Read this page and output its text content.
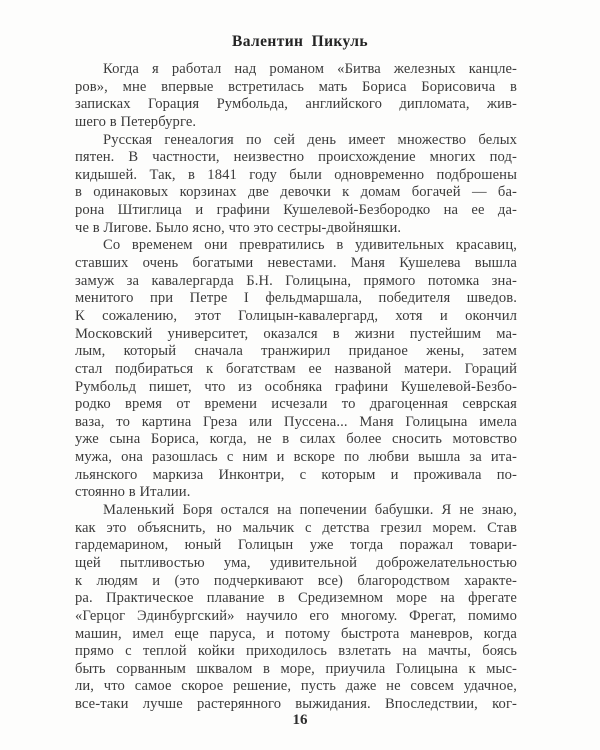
Валентин Пикуль

Когда я работал над романом «Битва железных канцле-
ров», мне впервые встретилась мать Бориса Борисовича в
записках Горация Румбольда, английского дипломата, жив-
шего в Петербурге.

Русская генеалогия по сей день имеет множество белых
пятен. В частности, неизвестно происхождение многих под-
кидышей. Так, в 1841 году были одновременно подброшены
в одинаковых корзинах две девочки к домам богачей — ба-
рона Штиглица и графини Кушелевой-Безбородко на ее да-
че в Лигове. Было ясно, что это сестры-двойняшки.

Со временем они превратились в удивительных красавиц,
ставших очень богатыми невестами. Маня Кушелева вышла
замуж за кавалергарда Б.Н. Голицына, прямого потомка зна-
менитого при Петре I фельдмаршала, победителя шведов.
К сожалению, этот Голицын-кавалергард, хотя и окончил
Московский университет, оказался в жизни пустейшим ма-
лым, который сначала транжирил приданое жены, затем
стал подбираться к богатствам ее названой матери. Гораций
Румбольд пишет, что из особняка графини Кушелевой-Безбо-
родко время от времени исчезали то драгоценная севрская
ваза, то картина Греза или Пуссена... Маня Голицына имела
уже сына Бориса, когда, не в силах более сносить мотовство
мужа, она разошлась с ним и вскоре по любви вышла за ита-
льянского маркиза Инконтри, с которым и проживала по-
стоянно в Италии.

Маленький Боря остался на попечении бабушки. Я не знаю,
как это объяснить, но мальчик с детства грезил морем. Став
гардемарином, юный Голицын уже тогда поражал товари-
щей пытливостью ума, удивительной доброжелательностью
к людям и (это подчеркивают все) благородством характе-
ра. Практическое плавание в Средиземном море на фрегате
«Герцог Эдинбургский» научило его многому. Фрегат, помимо
машин, имел еще паруса, и потому быстрота маневров, когда
прямо с теплой койки приходилось взлетать на мачты, боясь
быть сорванным шквалом в море, приучила Голицына к мыс-
ли, что самое скорое решение, пусть даже не совсем удачное,
все-таки лучше растерянного выжидания. Впоследствии, ког-

16
